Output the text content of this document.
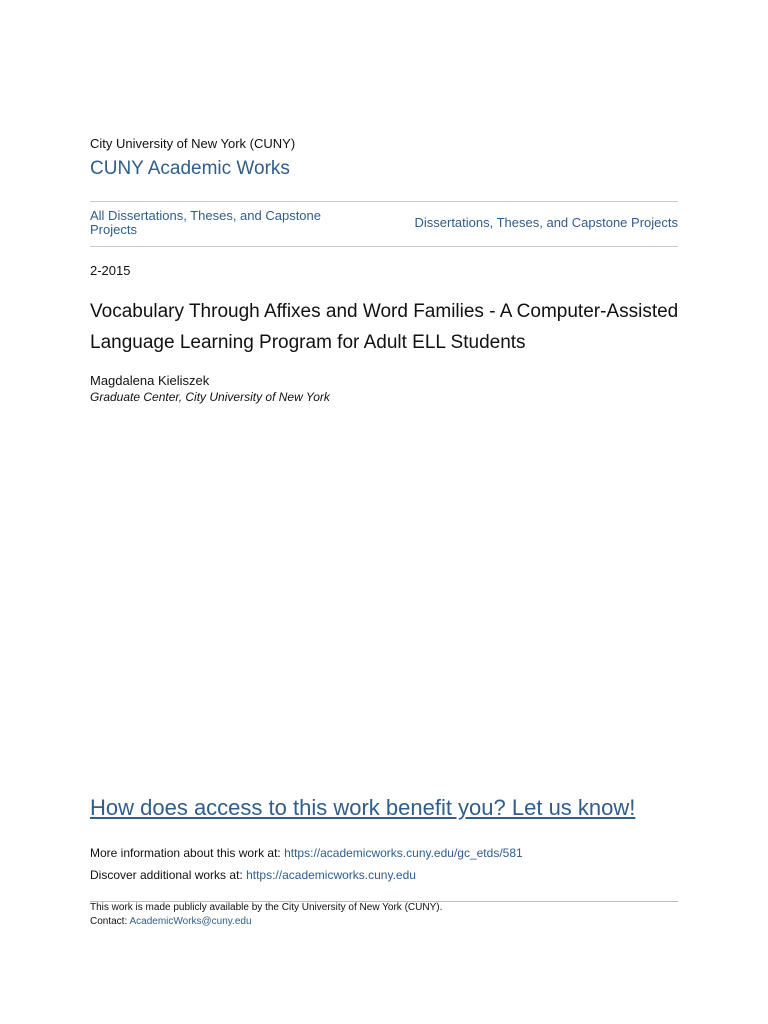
City University of New York (CUNY)
CUNY Academic Works
All Dissertations, Theses, and Capstone Projects	Dissertations, Theses, and Capstone Projects
2-2015
Vocabulary Through Affixes and Word Families - A Computer-Assisted Language Learning Program for Adult ELL Students
Magdalena Kieliszek
Graduate Center, City University of New York
How does access to this work benefit you? Let us know!
More information about this work at: https://academicworks.cuny.edu/gc_etds/581
Discover additional works at: https://academicworks.cuny.edu
This work is made publicly available by the City University of New York (CUNY).
Contact: AcademicWorks@cuny.edu
